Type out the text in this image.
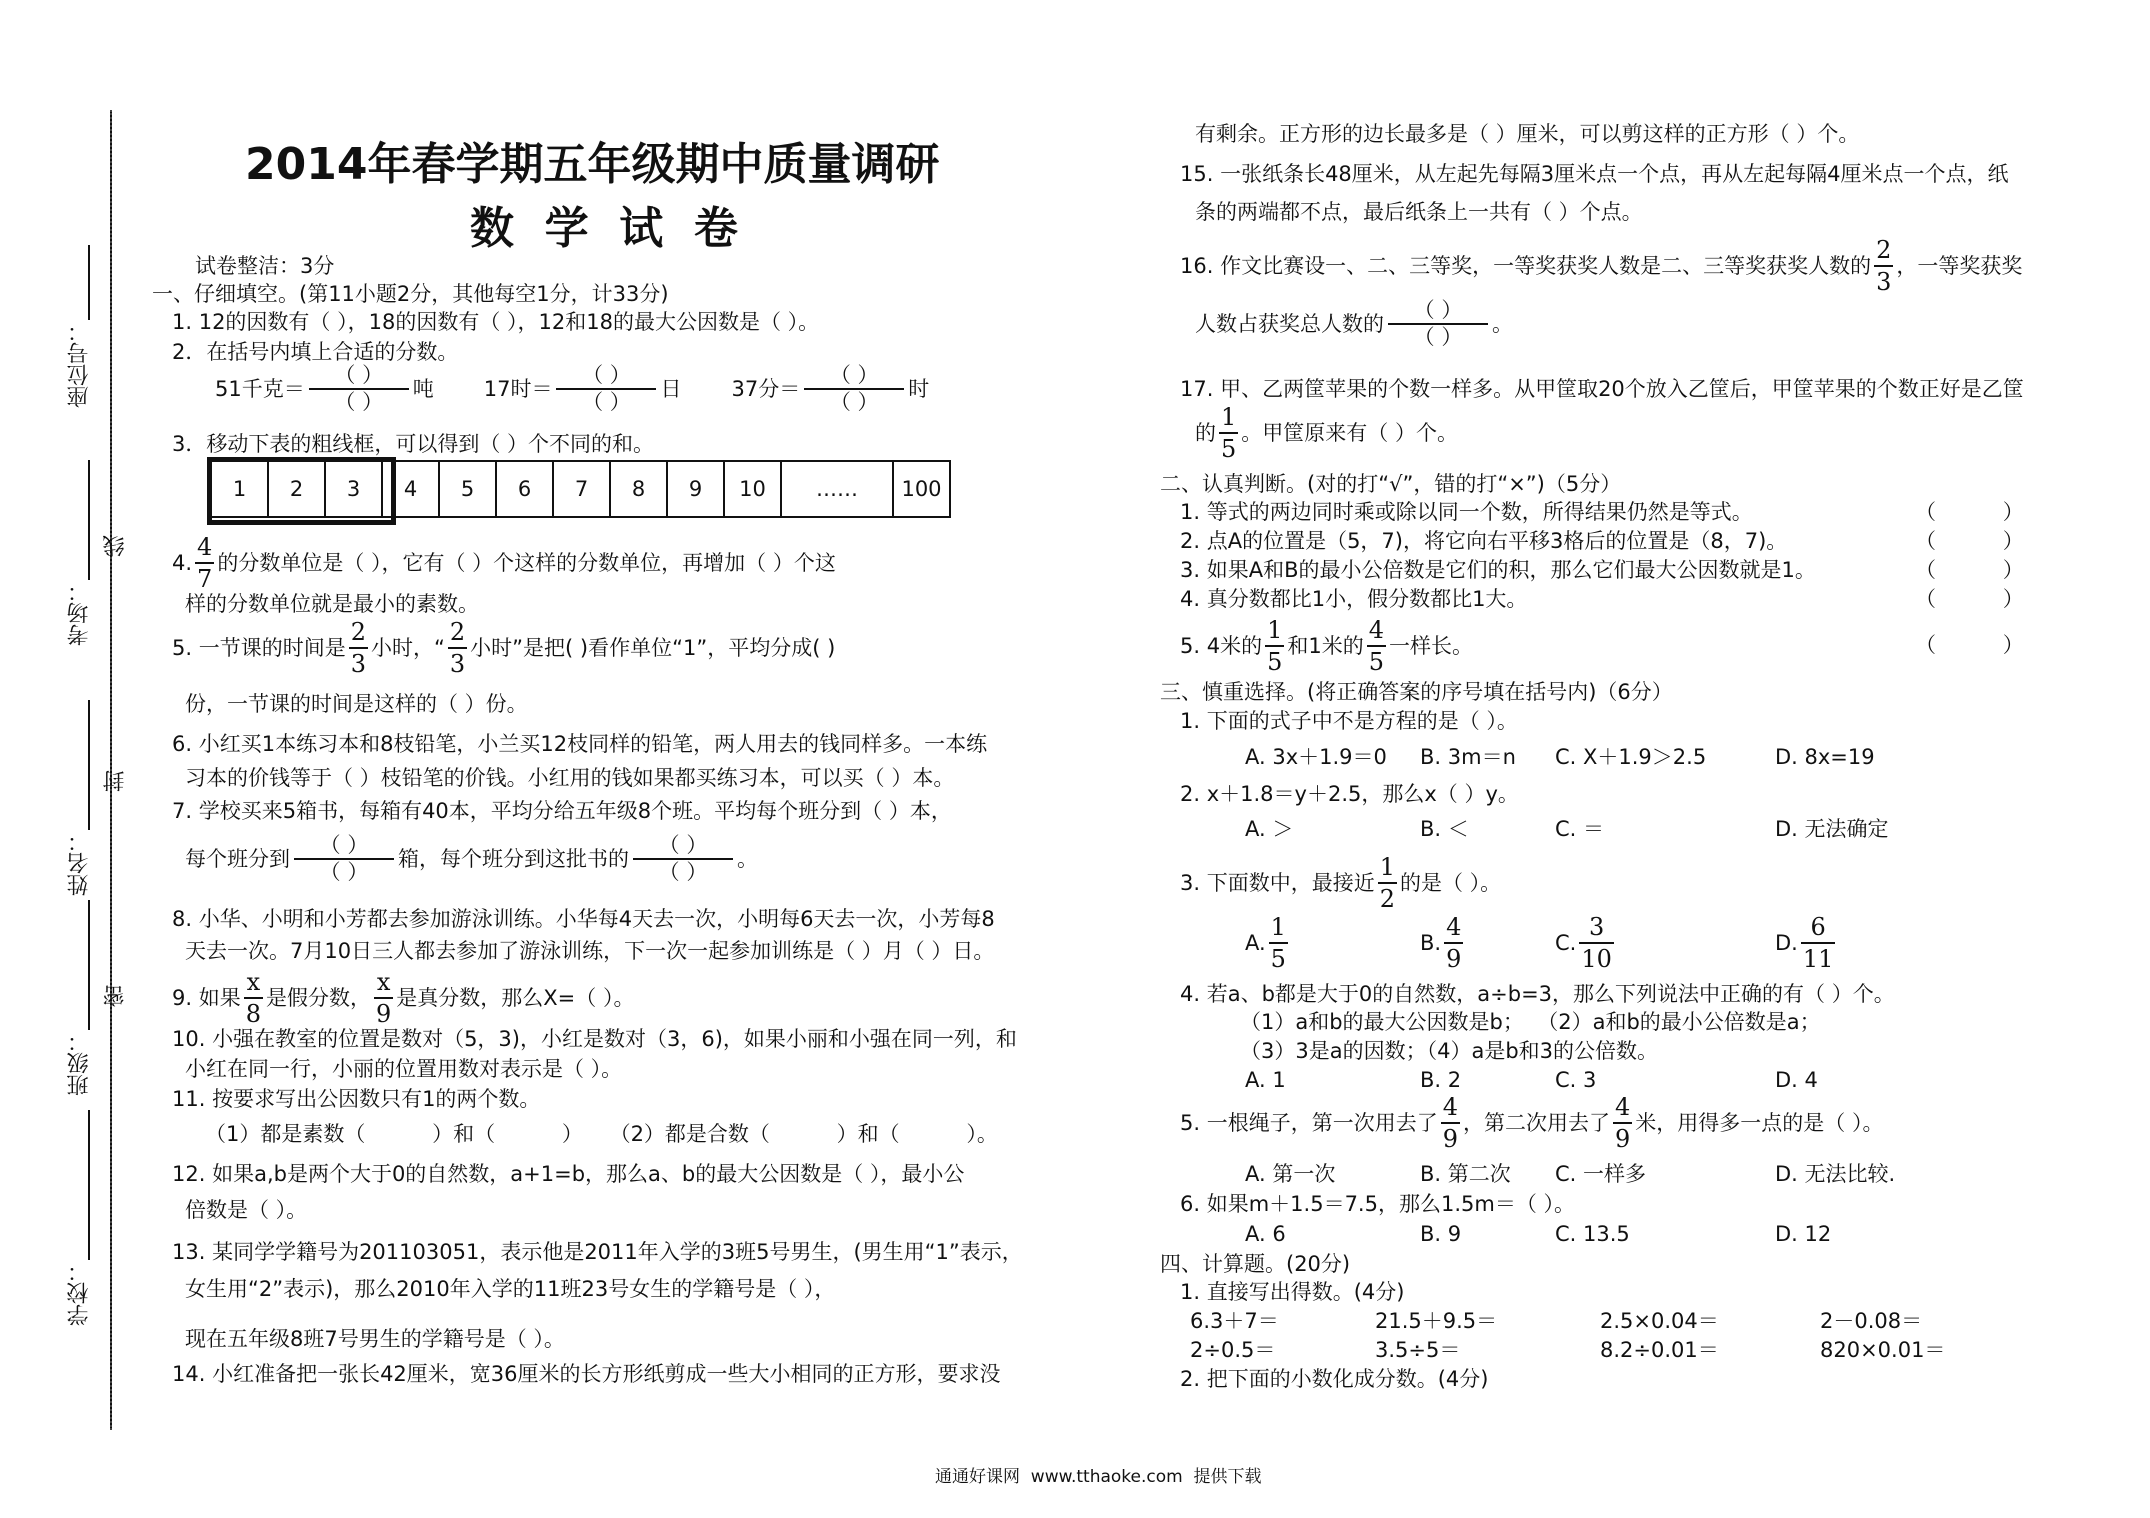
座位号：
考场：
线
姓名：
封
班级：
密
学校：
2014年春学期五年级期中质量调研
数  学  试  卷
试卷整洁：3分
一、仔细填空。(第11小题2分，其他每空1分，计33分)
1. 12的因数有（ ），18的因数有（ ），12和18的最大公因数是（ ）。
2．在括号内填上合适的分数。
51千克＝
（ ）
（ ）
吨 17时＝
（ ）
（ ）
日 37分＝
（ ）
（ ）
时
3．移动下表的粗线框，可以得到（ ）个不同的和。
1	2	3	4	5	6	7	8	9	10	……	100
4.
4
7
的分数单位是（ ），它有（ ）个这样的分数单位，再增加（ ）个这
样的分数单位就是最小的素数。
5. 一节课的时间是
2
3
小时，“
2
3
小时”是把( )看作单位“1”，平均分成( )
份，一节课的时间是这样的（ ）份。
6. 小红买1本练习本和8枝铅笔，小兰买12枝同样的铅笔，两人用去的钱同样多。一本练
习本的价钱等于（ ）枝铅笔的价钱。小红用的钱如果都买练习本，可以买（ ）本。
7. 学校买来5箱书，每箱有40本，平均分给五年级8个班。平均每个班分到（ ）本，
每个班分到
（ ）
（ ）
箱，每个班分到这批书的
（ ）
（ ）
。
8. 小华、小明和小芳都去参加游泳训练。小华每4天去一次，小明每6天去一次，小芳每8
天去一次。7月10日三人都去参加了游泳训练，下一次一起参加训练是（ ）月（ ）日。
9. 如果
x
8
是假分数，
x
9
是真分数，那么X=（ ）。
10. 小强在教室的位置是数对（5，3)，小红是数对（3，6)，如果小丽和小强在同一列，和
小红在同一行，小丽的位置用数对表示是（ ）。
11. 按要求写出公因数只有1的两个数。
（1）都是素数（          ）和（          ）    （2）都是合数（          ）和（          ）。
12. 如果a,b是两个大于0的自然数，a+1=b，那么a、b的最大公因数是（ ），最小公
倍数是（ ）。
13. 某同学学籍号为201103051，表示他是2011年入学的3班5号男生，(男生用“1”表示，
女生用“2”表示)，那么2010年入学的11班23号女生的学籍号是（ ），
现在五年级8班7号男生的学籍号是（ ）。
14. 小红准备把一张长42厘米，宽36厘米的长方形纸剪成一些大小相同的正方形，要求没
有剩余。正方形的边长最多是（ ）厘米，可以剪这样的正方形（ ）个。
15. 一张纸条长48厘米，从左起先每隔3厘米点一个点，再从左起每隔4厘米点一个点，纸
条的两端都不点，最后纸条上一共有（ ）个点。
16. 作文比赛设一、二、三等奖，一等奖获奖人数是二、三等奖获奖人数的
2
3
，一等奖获奖
人数占获奖总人数的
（ ）
（ ）
。
17. 甲、乙两筐苹果的个数一样多。从甲筐取20个放入乙筐后，甲筐苹果的个数正好是乙筐
的
1
5
。甲筐原来有（ ）个。
二、认真判断。(对的打“√”，错的打“×”)（5分）
1. 等式的两边同时乘或除以同一个数，所得结果仍然是等式。	（          ）
2. 点A的位置是（5，7)，将它向右平移3格后的位置是（8，7)。	（          ）
3. 如果A和B的最小公倍数是它们的积，那么它们最大公因数就是1。	（          ）
4. 真分数都比1小，假分数都比1大。	（          ）
5. 4米的
1
5
和1米的
4
5
一样长。	（          ）
三、慎重选择。(将正确答案的序号填在括号内)（6分）
1. 下面的式子中不是方程的是（ ）。
A. 3x＋1.9＝0 B. 3m＝n C. X＋1.9＞2.5	D. 8x=19
2. x＋1.8＝y＋2.5，那么x（ ）y。
A. ＞	B. ＜	C. ＝	D. 无法确定
3. 下面数中，最接近
1
2
的是（ ）。
A.
1
5
B.
4
9
C.
3
10
D.
6
11
4. 若a、b都是大于0的自然数，a÷b=3，那么下列说法中正确的有（ ）个。
（1）a和b的最大公因数是b；  （2）a和b的最小公倍数是a；
（3）3是a的因数；（4）a是b和3的公倍数。
A. 1	B. 2	C. 3	D. 4
5. 一根绳子，第一次用去了
4
9
，第二次用去了
4
9
米，用得多一点的是（ ）。
A. 第一次	B. 第二次 C. 一样多	D. 无法比较.
6. 如果m＋1.5＝7.5，那么1.5m＝（ ）。
A. 6	B. 9	C. 13.5	D. 12
四、计算题。(20分)
1. 直接写出得数。(4分)
6.3＋7＝	21.5＋9.5＝	2.5×0.04＝	2－0.08＝
2÷0.5＝	3.5÷5＝	8.2÷0.01＝	820×0.01＝
2. 把下面的小数化成分数。(4分)
通通好课网  www.tthaoke.com  提供下载
